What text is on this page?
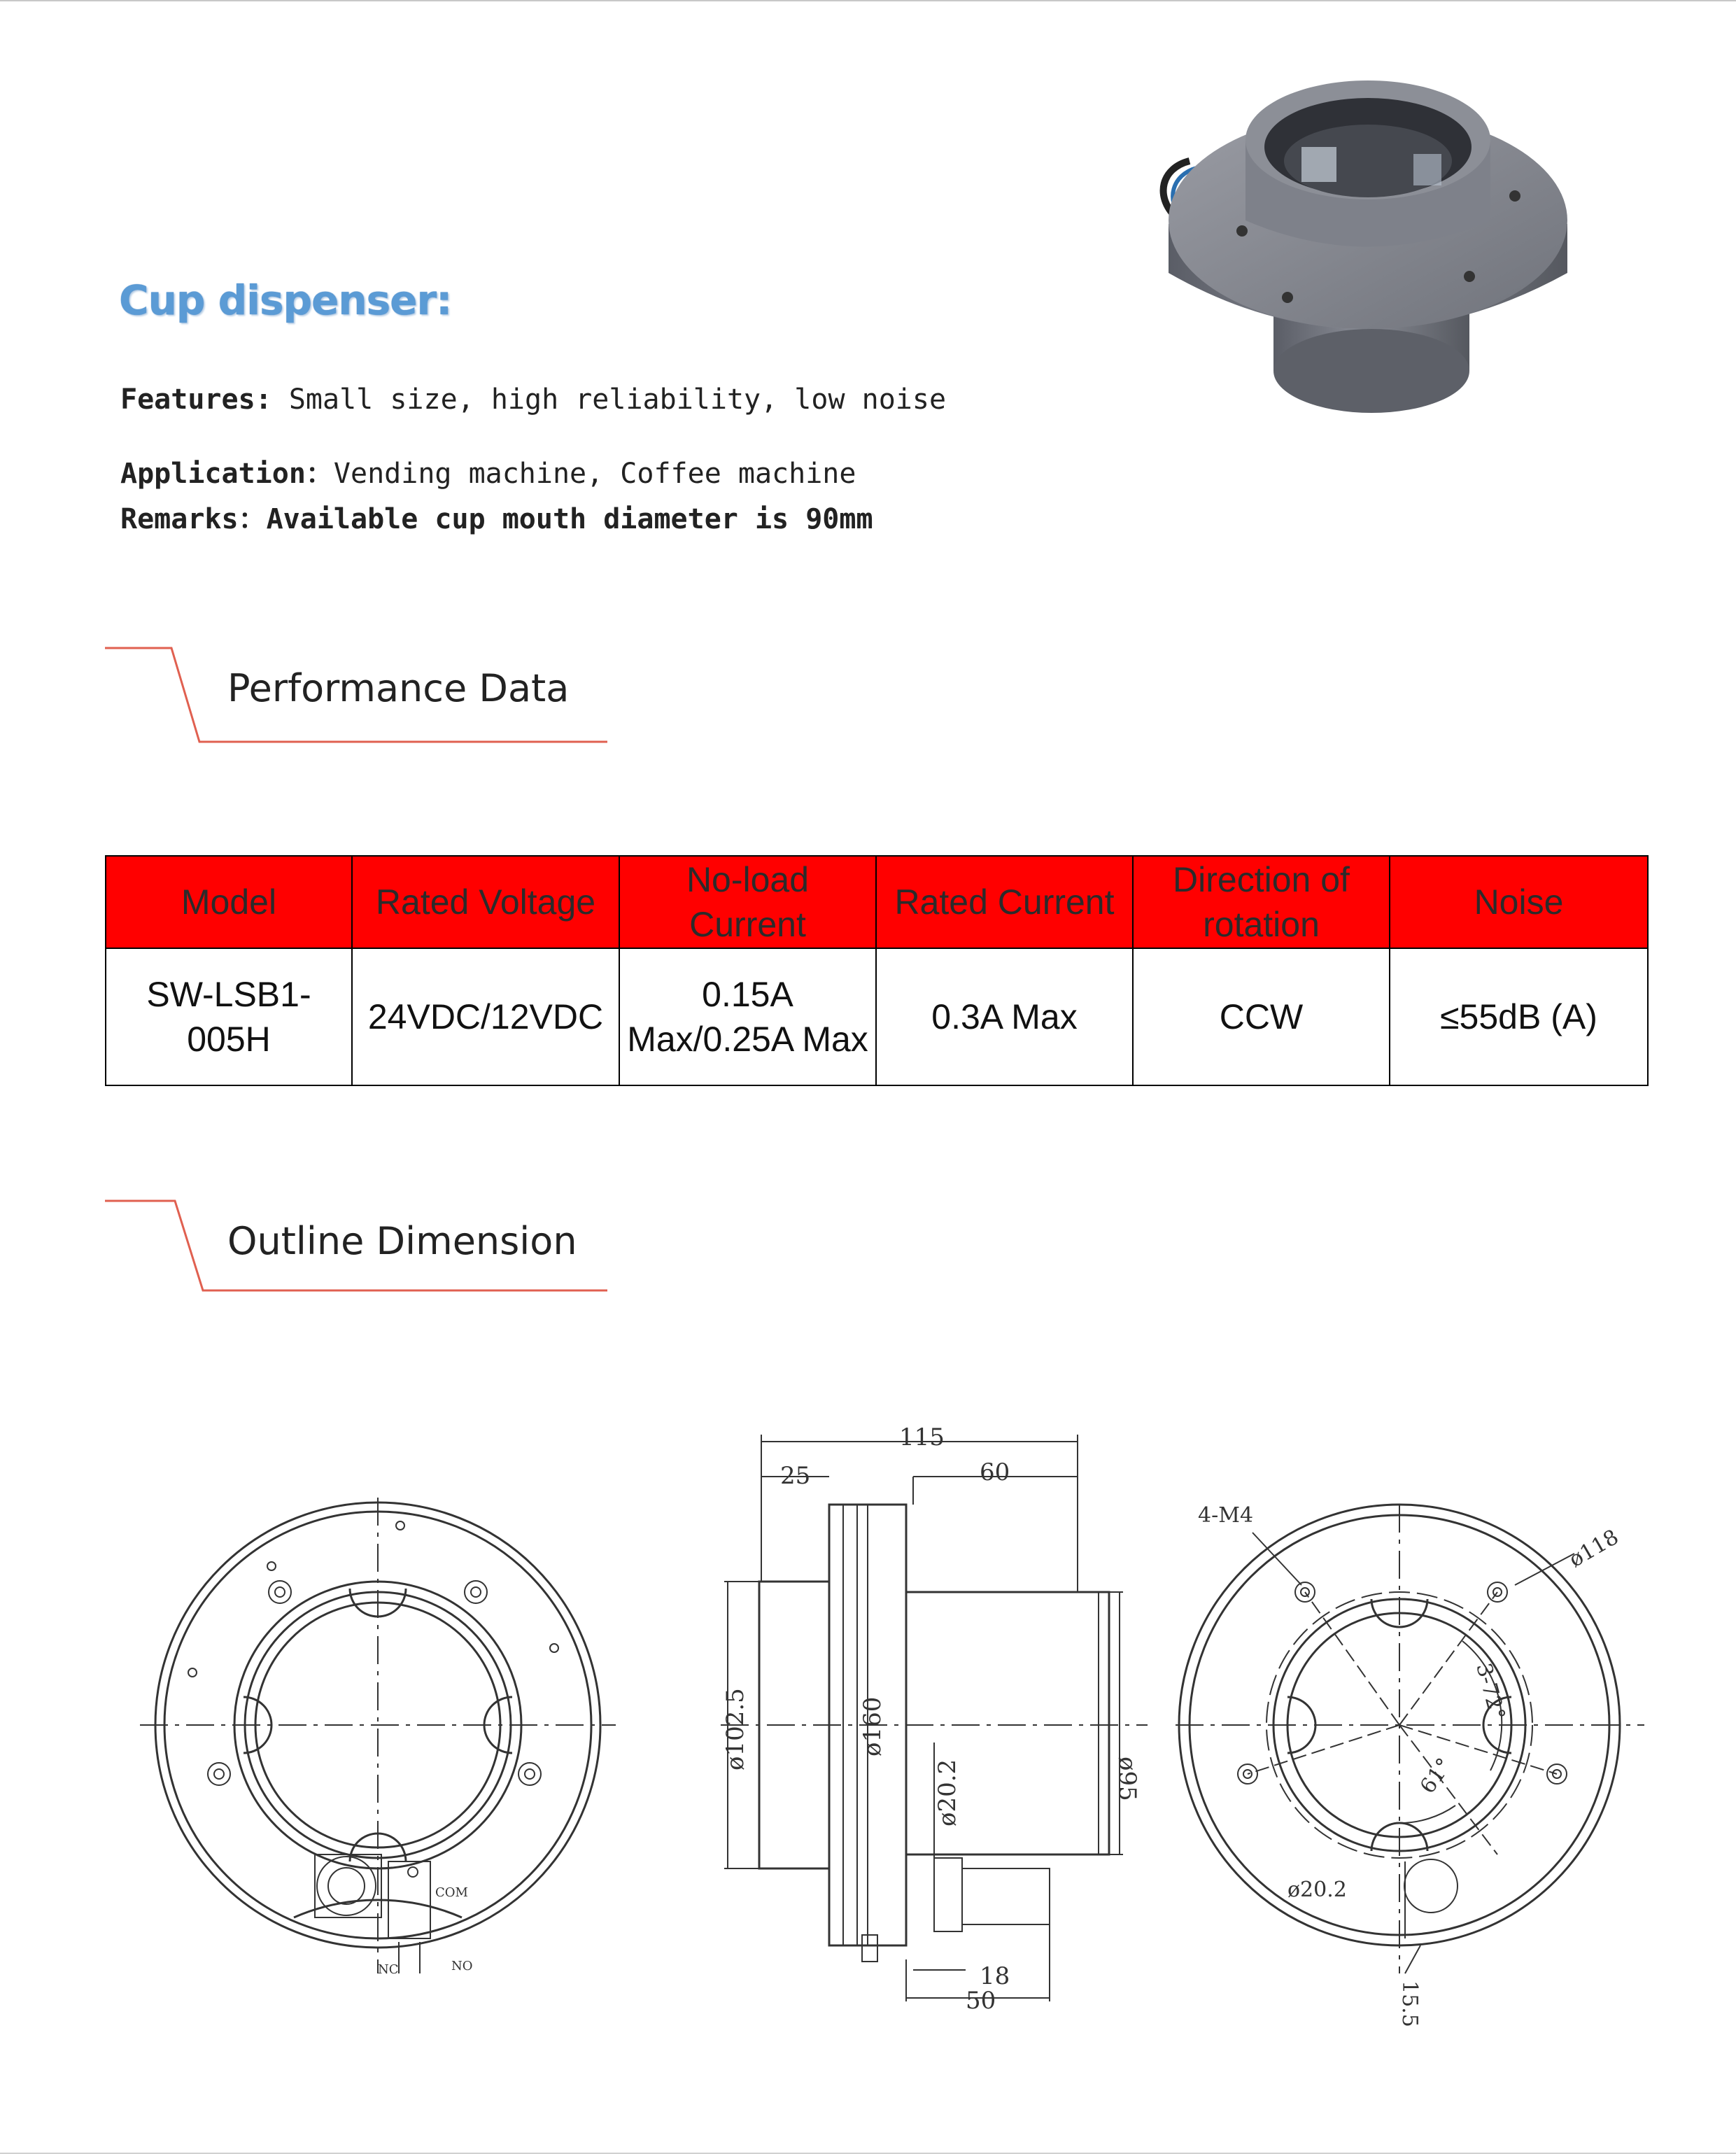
Cup dispenser:
Features: Small size, high reliability, low noise
Application：Vending machine, Coffee machine
Remarks：Available cup mouth diameter is 90mm
Performance Data
Model	Rated Voltage	No-load Current	Rated Current	Direction of rotation	Noise
SW-LSB1-005H	24VDC/12VDC	0.15A Max/0.25A Max	0.3A Max	CCW	≤55dB (A)
Outline Dimension
COM
NC	NO
115
25	60
18
50
ø102.5	ø160
ø20.2	ø95
4-M4
ø118
3-72°
61°
ø20.2
15.5
